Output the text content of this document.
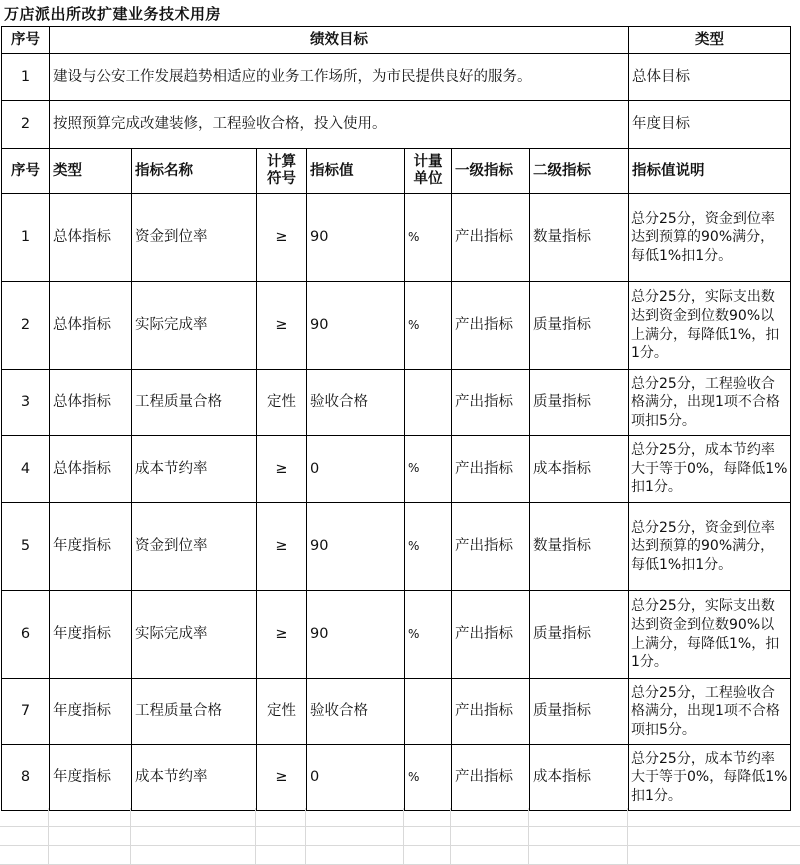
万店派出所改扩建业务技术用房
序号	绩效目标	类型
1	建设与公安工作发展趋势相适应的业务工作场所，为市民提供良好的服务。	总体目标
2	按照预算完成改建装修，工程验收合格，投入使用。	年度目标
序号	类型	指标名称	计算符号	指标值	计量单位	一级指标	二级指标	指标值说明
1	总体指标	资金到位率	≥	90	%	产出指标	数量指标	总分25分，资金到位率达到预算的90%满分，每低1%扣1分。
2	总体指标	实际完成率	≥	90	%	产出指标	质量指标	总分25分，实际支出数达到资金到位数90%以上满分，每降低1%，扣1分。
3	总体指标	工程质量合格	定性	验收合格		产出指标	质量指标	总分25分，工程验收合格满分，出现1项不合格项扣5分。
4	总体指标	成本节约率	≥	0	%	产出指标	成本指标	总分25分，成本节约率大于等于0%，每降低1%扣1分。
5	年度指标	资金到位率	≥	90	%	产出指标	数量指标	总分25分，资金到位率达到预算的90%满分，每低1%扣1分。
6	年度指标	实际完成率	≥	90	%	产出指标	质量指标	总分25分，实际支出数达到资金到位数90%以上满分，每降低1%，扣1分。
7	年度指标	工程质量合格	定性	验收合格		产出指标	质量指标	总分25分，工程验收合格满分，出现1项不合格项扣5分。
8	年度指标	成本节约率	≥	0	%	产出指标	成本指标	总分25分，成本节约率大于等于0%，每降低1%扣1分。
